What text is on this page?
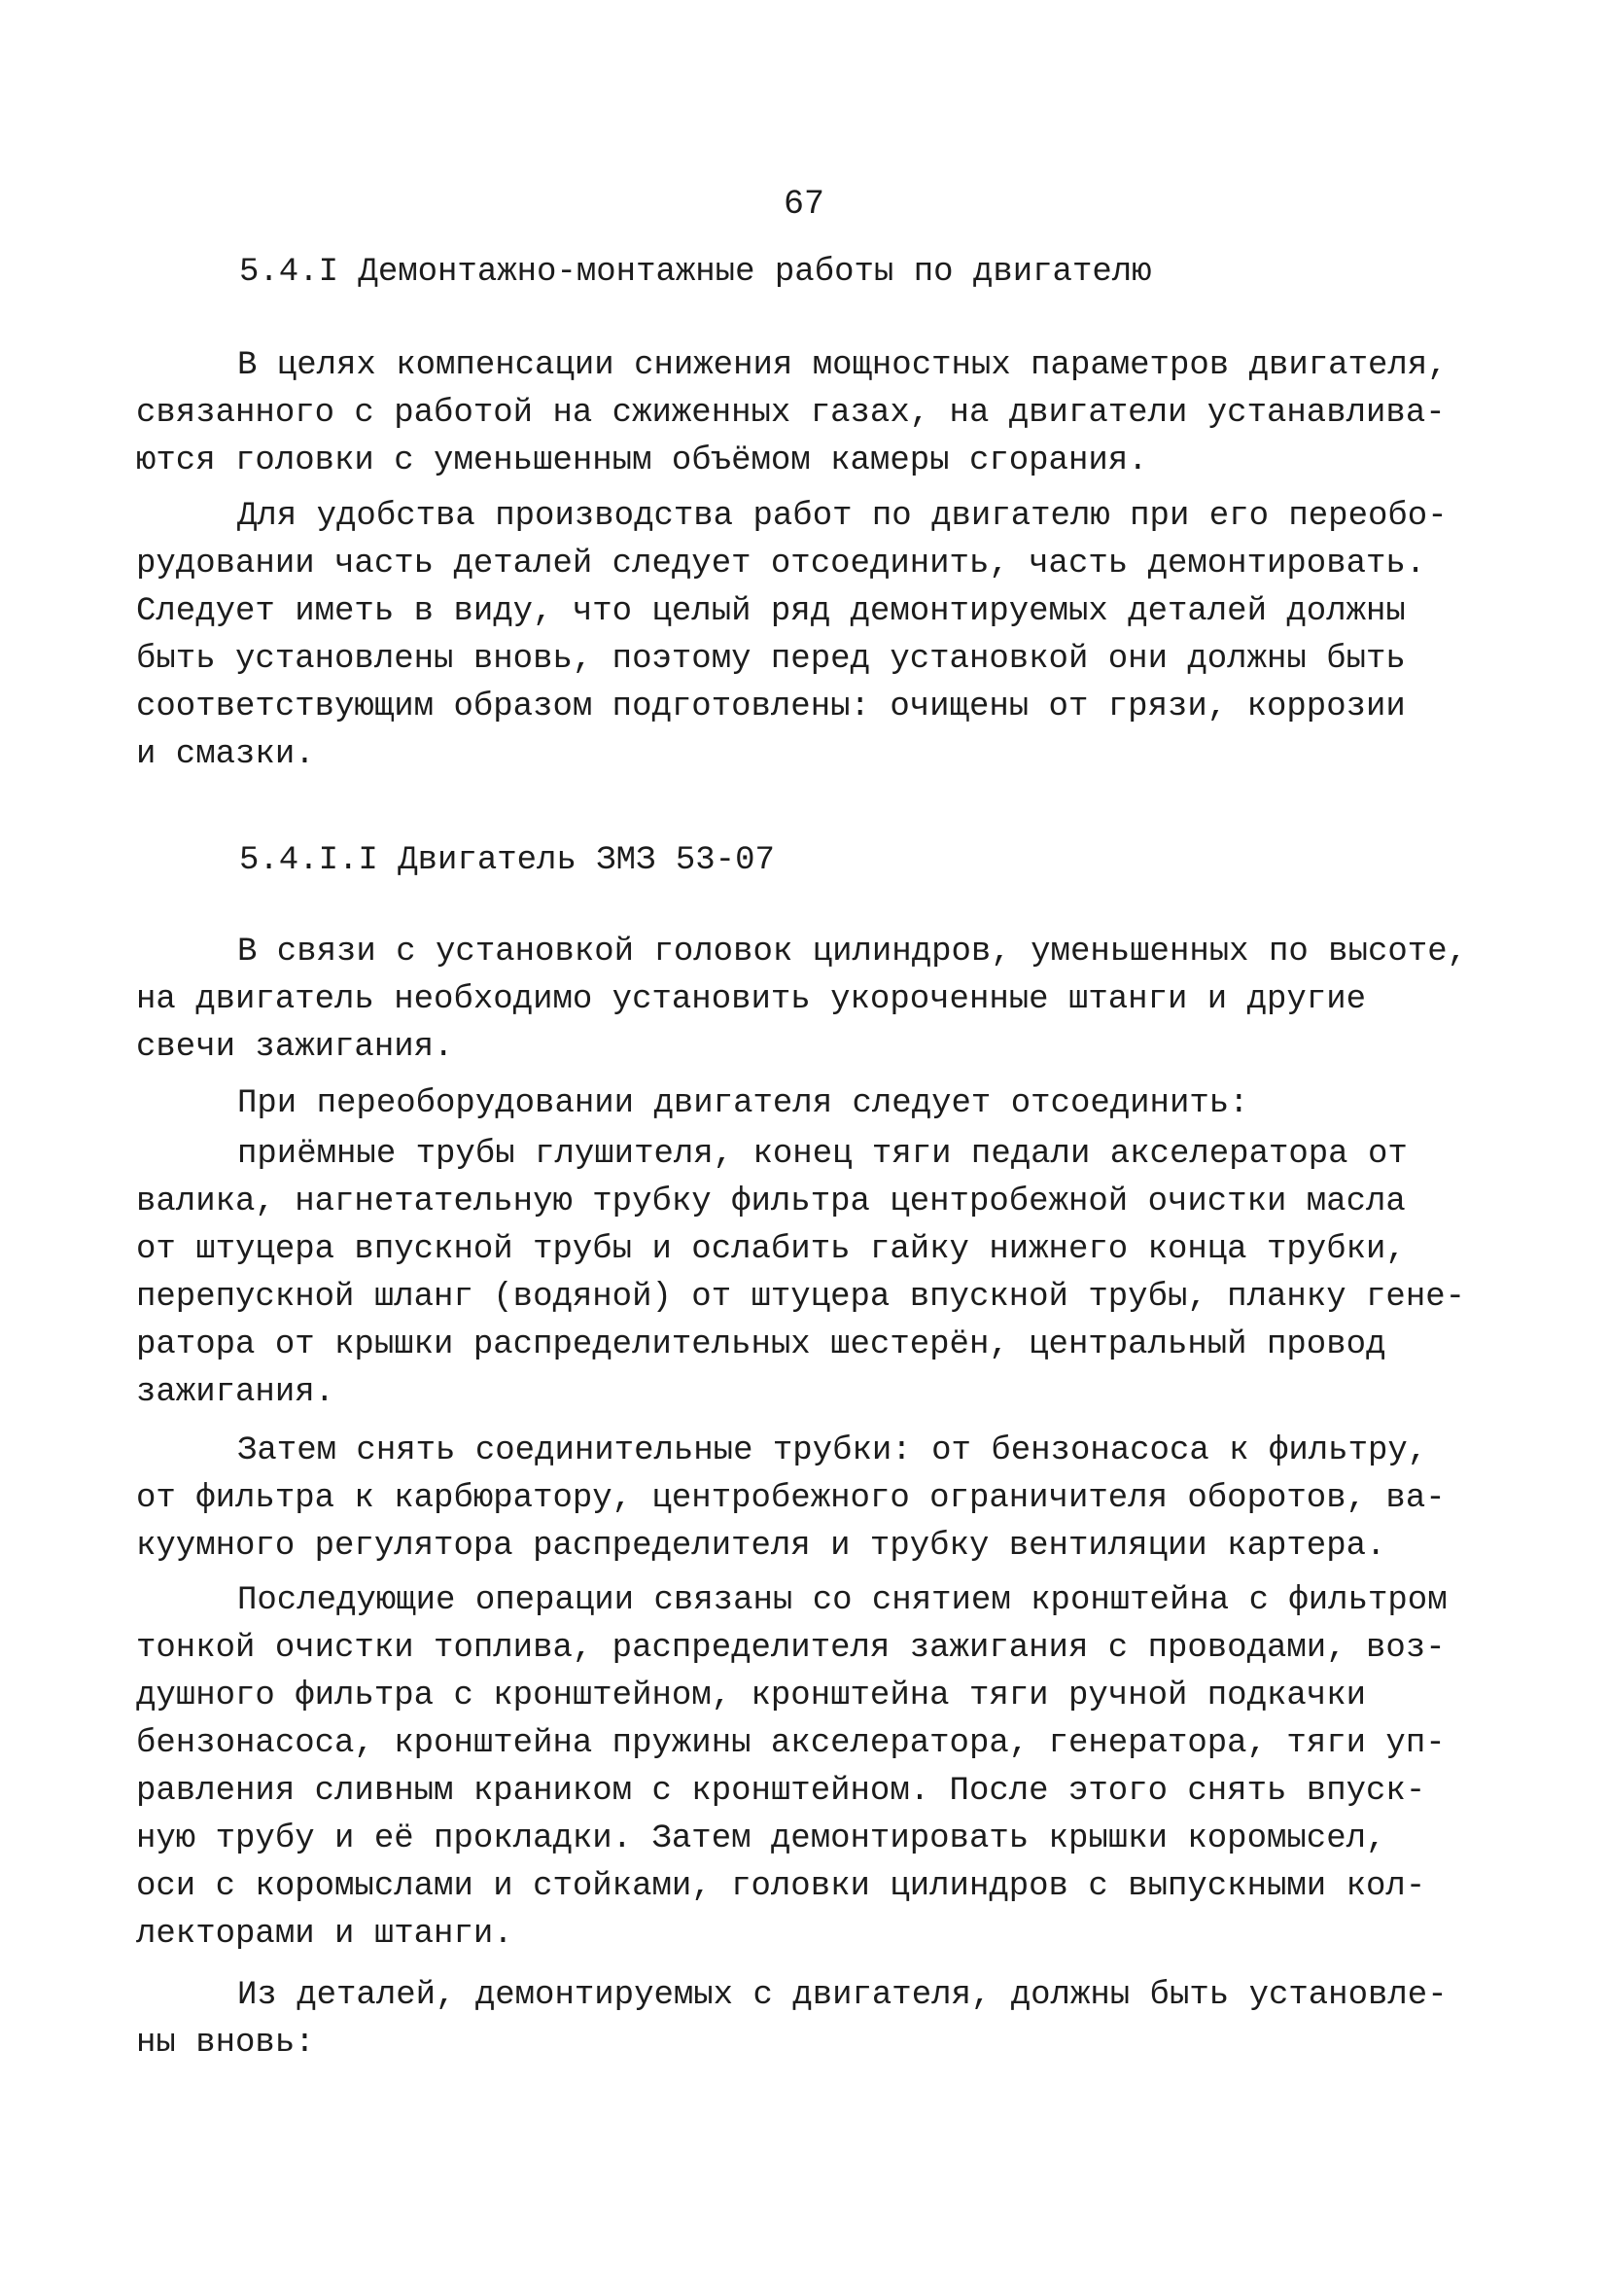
67
5.4.I Демонтажно-монтажные работы по двигателю
В целях компенсации снижения мощностных параметров двигателя,
связанного с работой на сжиженных газах, на двигатели устанавлива-
ются головки с уменьшенным объёмом камеры сгорания.
Для удобства производства работ по двигателю при его переобо-
рудовании часть деталей следует отсоединить, часть демонтировать.
Следует иметь в виду, что целый ряд демонтируемых деталей должны
быть установлены вновь, поэтому перед установкой они должны быть
соответствующим образом подготовлены: очищены от грязи, коррозии
и смазки.
5.4.I.I Двигатель ЗМЗ 53-07
В связи с установкой головок цилиндров, уменьшенных по высоте,
на двигатель необходимо установить укороченные штанги и другие
свечи зажигания.
При переоборудовании двигателя следует отсоединить:
приёмные трубы глушителя, конец тяги педали акселератора от
валика, нагнетательную трубку фильтра центробежной очистки масла
от штуцера впускной трубы и ослабить гайку нижнего конца трубки,
перепускной шланг (водяной) от штуцера впускной трубы, планку гене-
ратора от крышки распределительных шестерён, центральный провод
зажигания.
Затем снять соединительные трубки: от бензонасоса к фильтру,
от фильтра к карбюратору, центробежного ограничителя оборотов, ва-
куумного регулятора распределителя и трубку вентиляции картера.
Последующие операции связаны со снятием кронштейна с фильтром
тонкой очистки топлива, распределителя зажигания с проводами, воз-
душного фильтра с кронштейном, кронштейна тяги ручной подкачки
бензонасоса, кронштейна пружины акселератора, генератора, тяги уп-
равления сливным краником с кронштейном. После этого снять впуск-
ную трубу и её прокладки. Затем демонтировать крышки коромысел,
оси с коромыслами и стойками, головки цилиндров с выпускными кол-
лекторами и штанги.
Из деталей, демонтируемых с двигателя, должны быть установле-
ны вновь:
